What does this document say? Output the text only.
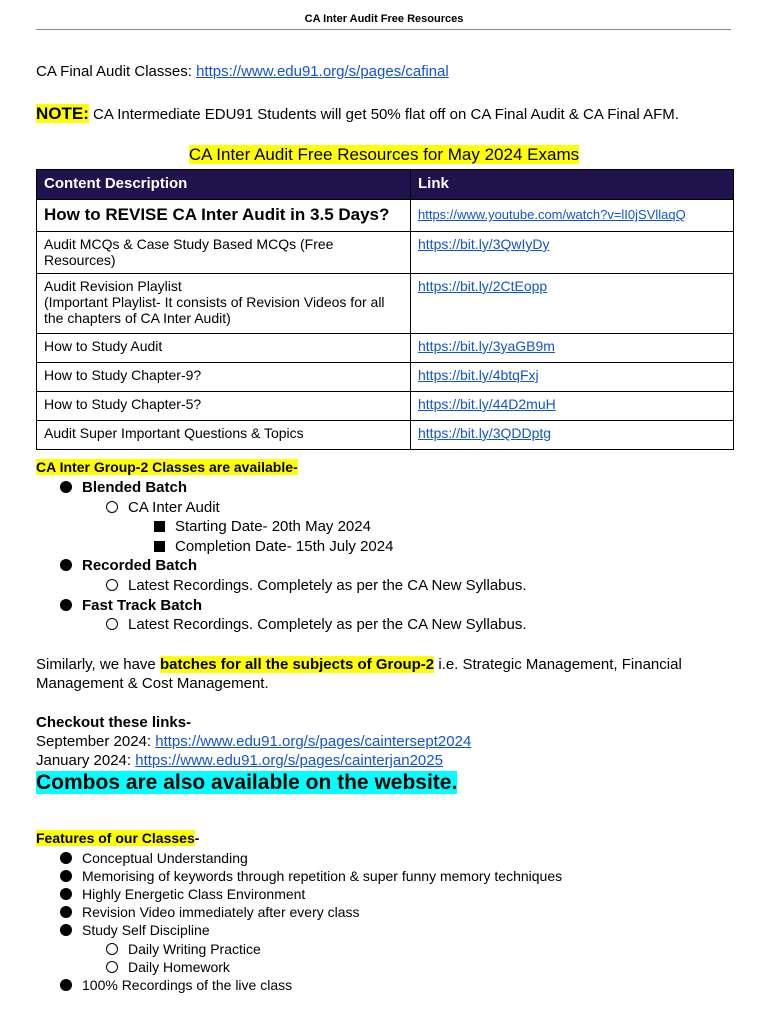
CA Inter Audit Free Resources
CA Final Audit Classes: https://www.edu91.org/s/pages/cafinal
NOTE: CA Intermediate EDU91 Students will get 50% flat off on CA Final Audit & CA Final AFM.
CA Inter Audit Free Resources for May 2024 Exams
Content Description	Link
How to REVISE CA Inter Audit in 3.5 Days?	https://www.youtube.com/watch?v=lI0jSVllaqQ
Audit MCQs & Case Study Based MCQs (Free Resources)	https://bit.ly/3QwIyDy

Audit Revision Playlist
(Important Playlist- It consists of Revision Videos for all the chapters of CA Inter Audit)	https://bit.ly/2CtEopp
How to Study Audit	https://bit.ly/3yaGB9m
How to Study Chapter-9?	https://bit.ly/4btqFxj
How to Study Chapter-5?	https://bit.ly/44D2muH
Audit Super Important Questions & Topics	https://bit.ly/3QDDptg
CA Inter Group-2 Classes are available-
Blended Batch
CA Inter Audit
Starting Date- 20th May 2024
Completion Date- 15th July 2024
Recorded Batch
Latest Recordings. Completely as per the CA New Syllabus.
Fast Track Batch
Latest Recordings. Completely as per the CA New Syllabus.
Similarly, we have batches for all the subjects of Group-2 i.e. Strategic Management, Financial
Management & Cost Management.
Checkout these links-
September 2024: https://www.edu91.org/s/pages/caintersept2024
January 2024: https://www.edu91.org/s/pages/cainterjan2025
Combos are also available on the website.
Features of our Classes-
Conceptual Understanding
Memorising of keywords through repetition & super funny memory techniques
Highly Energetic Class Environment
Revision Video immediately after every class
Study Self Discipline
Daily Writing Practice
Daily Homework
100% Recordings of the live class
